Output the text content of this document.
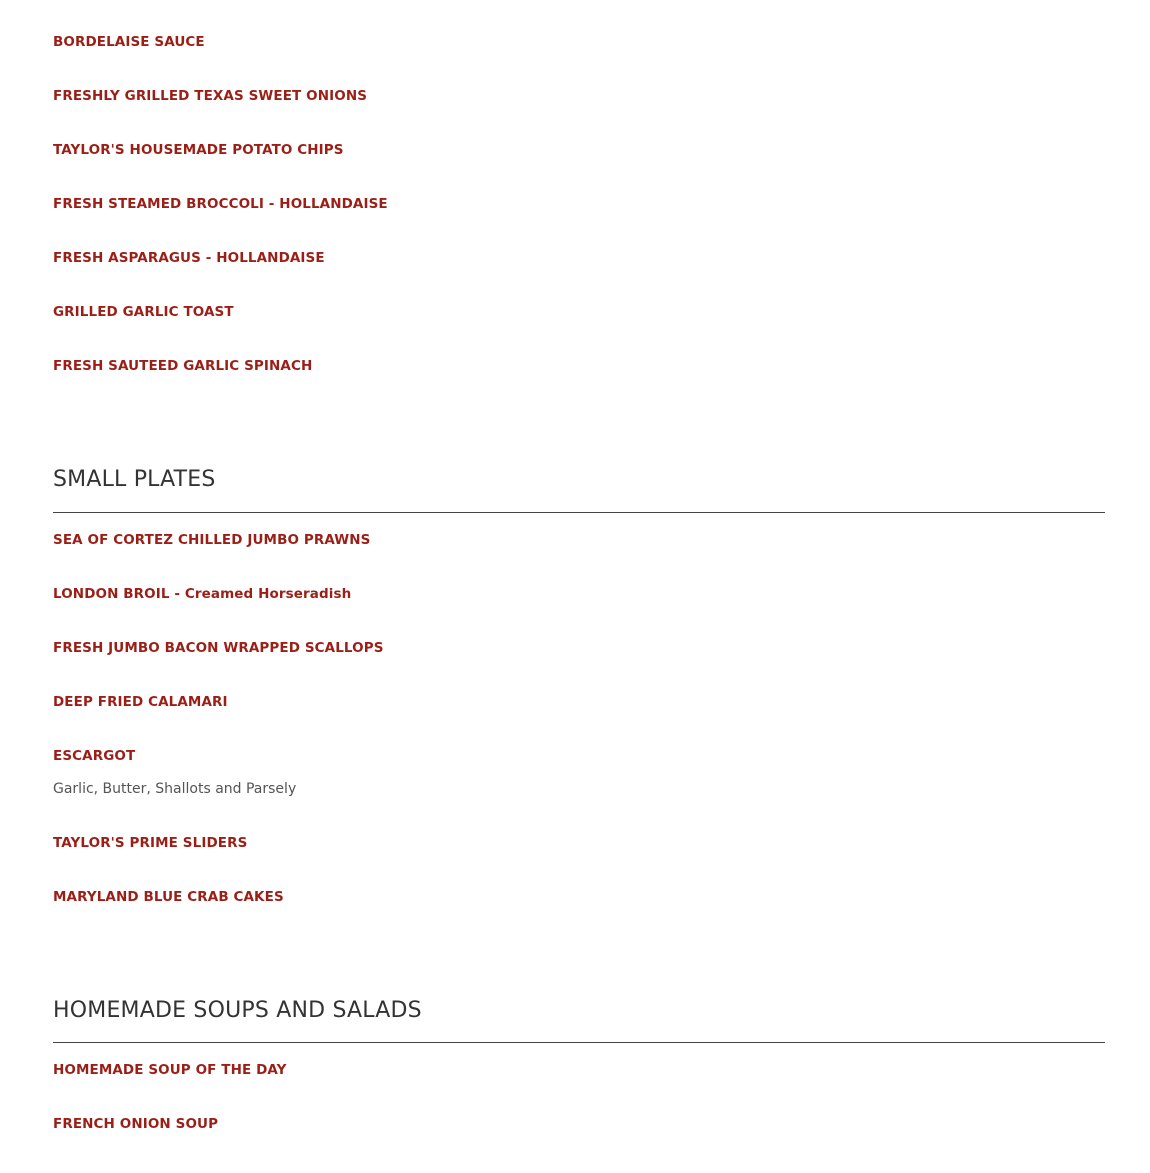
BORDELAISE SAUCE

FRESHLY GRILLED TEXAS SWEET ONIONS

TAYLOR'S HOUSEMADE POTATO CHIPS

FRESH STEAMED BROCCOLI - HOLLANDAISE

FRESH ASPARAGUS - HOLLANDAISE

GRILLED GARLIC TOAST

FRESH SAUTEED GARLIC SPINACH

SMALL PLATES

SEA OF CORTEZ CHILLED JUMBO PRAWNS

LONDON BROIL - Creamed Horseradish

FRESH JUMBO BACON WRAPPED SCALLOPS

DEEP FRIED CALAMARI

ESCARGOT

Garlic, Butter, Shallots and Parsely

TAYLOR'S PRIME SLIDERS

MARYLAND BLUE CRAB CAKES

HOMEMADE SOUPS AND SALADS

HOMEMADE SOUP OF THE DAY

FRENCH ONION SOUP
